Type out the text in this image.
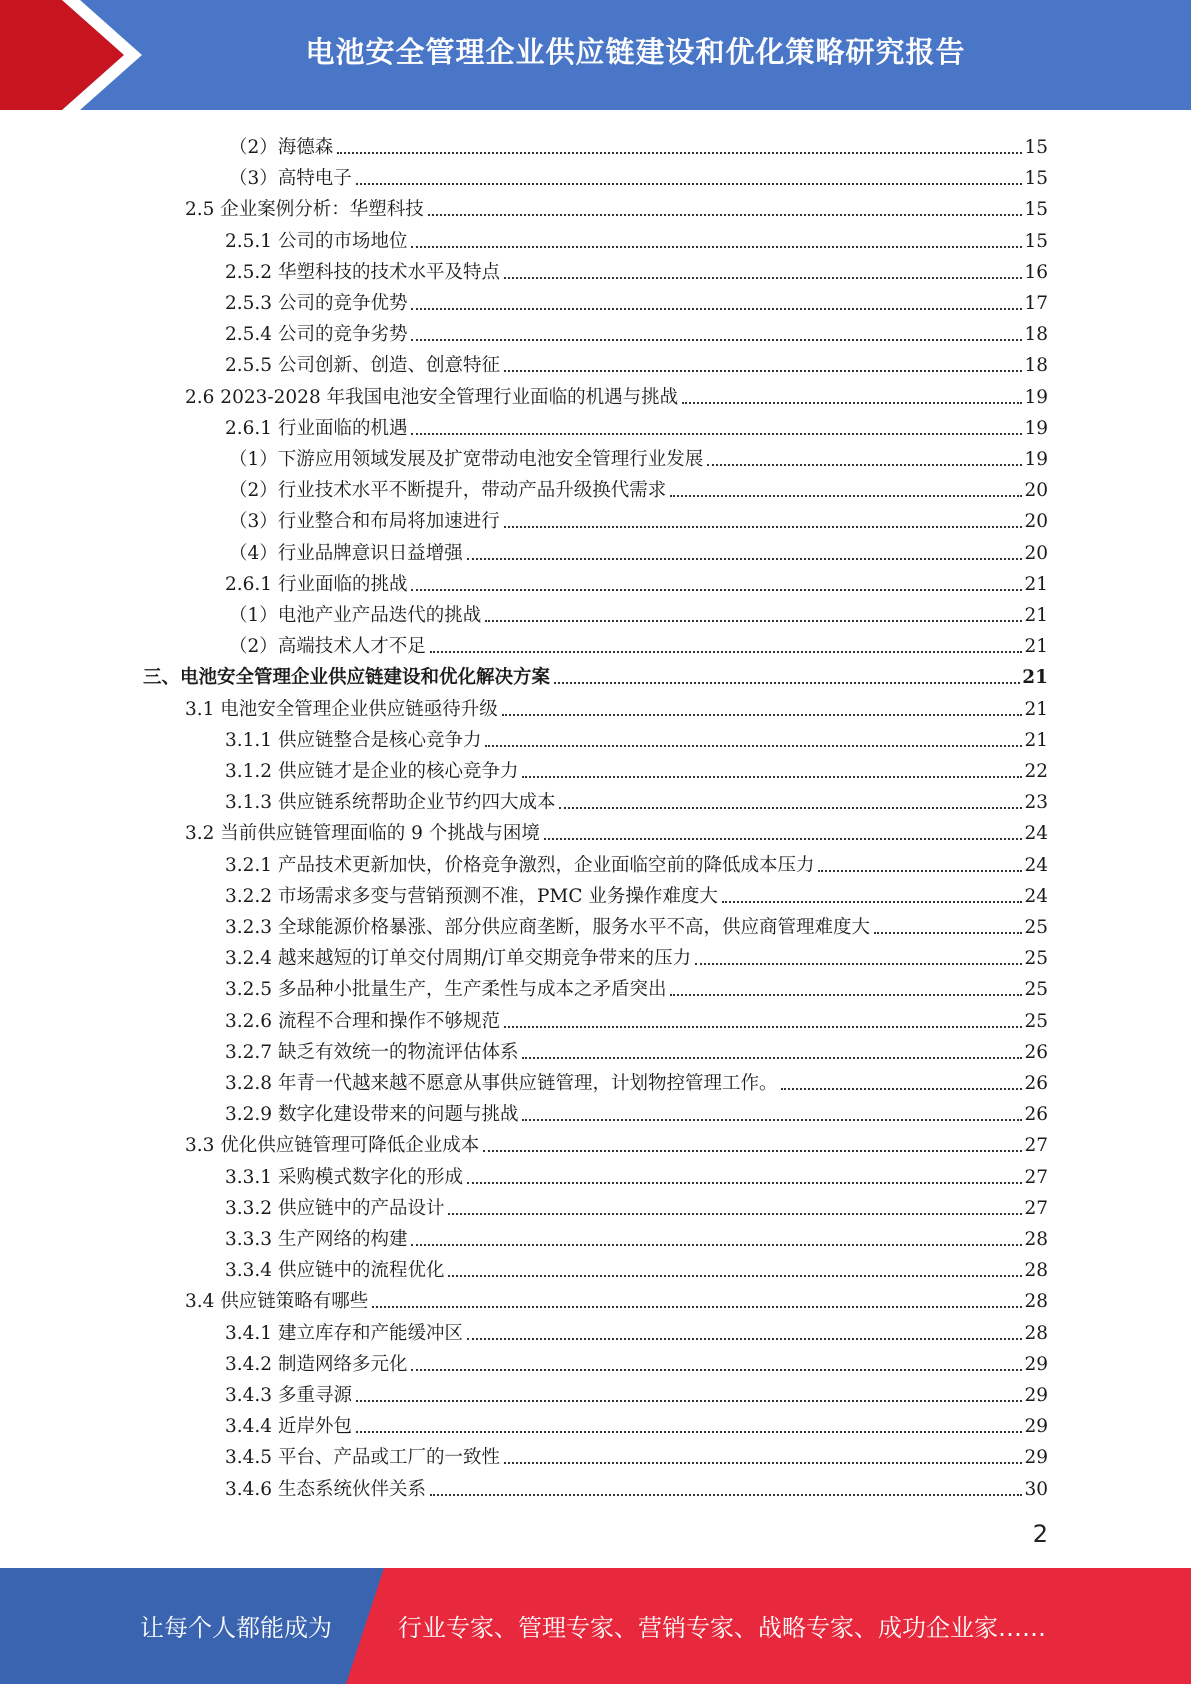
电池安全管理企业供应链建设和优化策略研究报告
（2）海德森	15
（3）高特电子	15
2.5 企业案例分析：华塑科技	15
2.5.1 公司的市场地位	15
2.5.2 华塑科技的技术水平及特点	16
2.5.3 公司的竞争优势	17
2.5.4 公司的竞争劣势	18
2.5.5 公司创新、创造、创意特征	18
2.6 2023-2028 年我国电池安全管理行业面临的机遇与挑战	19
2.6.1 行业面临的机遇	19
（1）下游应用领域发展及扩宽带动电池安全管理行业发展	19
（2）行业技术水平不断提升，带动产品升级换代需求	20
（3）行业整合和布局将加速进行	20
（4）行业品牌意识日益增强	20
2.6.1 行业面临的挑战	21
（1）电池产业产品迭代的挑战	21
（2）高端技术人才不足	21
三、电池安全管理企业供应链建设和优化解决方案	21
3.1 电池安全管理企业供应链亟待升级	21
3.1.1 供应链整合是核心竞争力	21
3.1.2 供应链才是企业的核心竞争力	22
3.1.3 供应链系统帮助企业节约四大成本	23
3.2 当前供应链管理面临的 9 个挑战与困境	24
3.2.1 产品技术更新加快，价格竞争激烈，企业面临空前的降低成本压力	24
3.2.2 市场需求多变与营销预测不准，PMC 业务操作难度大	24
3.2.3 全球能源价格暴涨、部分供应商垄断，服务水平不高，供应商管理难度大	25
3.2.4 越来越短的订单交付周期/订单交期竞争带来的压力	25
3.2.5 多品种小批量生产，生产柔性与成本之矛盾突出	25
3.2.6 流程不合理和操作不够规范	25
3.2.7 缺乏有效统一的物流评估体系	26
3.2.8 年青一代越来越不愿意从事供应链管理，计划物控管理工作。	26
3.2.9 数字化建设带来的问题与挑战	26
3.3 优化供应链管理可降低企业成本	27
3.3.1 采购模式数字化的形成	27
3.3.2 供应链中的产品设计	27
3.3.3 生产网络的构建	28
3.3.4 供应链中的流程优化	28
3.4 供应链策略有哪些	28
3.4.1 建立库存和产能缓冲区	28
3.4.2 制造网络多元化	29
3.4.3 多重寻源	29
3.4.4 近岸外包	29
3.4.5 平台、产品或工厂的一致性	29
3.4.6 生态系统伙伴关系	30
2
让每个人都能成为	行业专家、管理专家、营销专家、战略专家、成功企业家……
